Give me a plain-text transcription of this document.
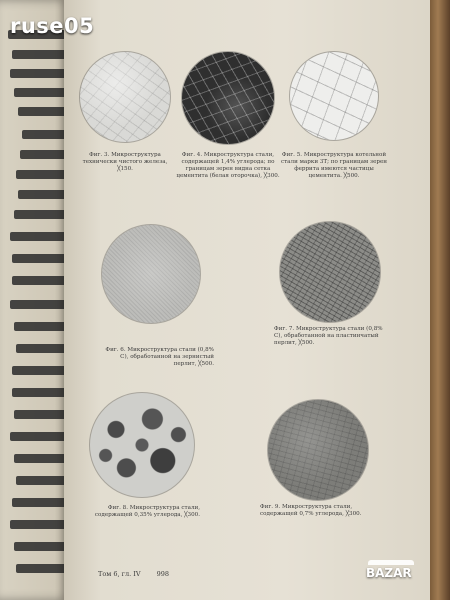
Фиг. 3. Микроструктура технически чистого железа, ╳150.
Фиг. 4. Микроструктура стали, содержащей 1,4% углерода; по границам зерен видна сетка цементита (белая оторочка), ╳300.
Фиг. 5. Микроструктура котельной стали марки 3Т; по границам зерен феррита имеются частицы цементита. ╳500.
Фиг. 6. Микроструктура стали (0,8% С), обработанной на зернистый перлит, ╳500.
Фиг. 7. Микроструктура стали (0,8% С), обработанной на пластинчатый перлит, ╳500.
Фиг. 8. Микроструктура стали, содержащей 0,35% углерода, ╳300.
Фиг. 9. Микроструктура стали, содержащей 0,7% углерода, ╳300.
Том 6, гл. IV 998
ruse05
BAZAR
